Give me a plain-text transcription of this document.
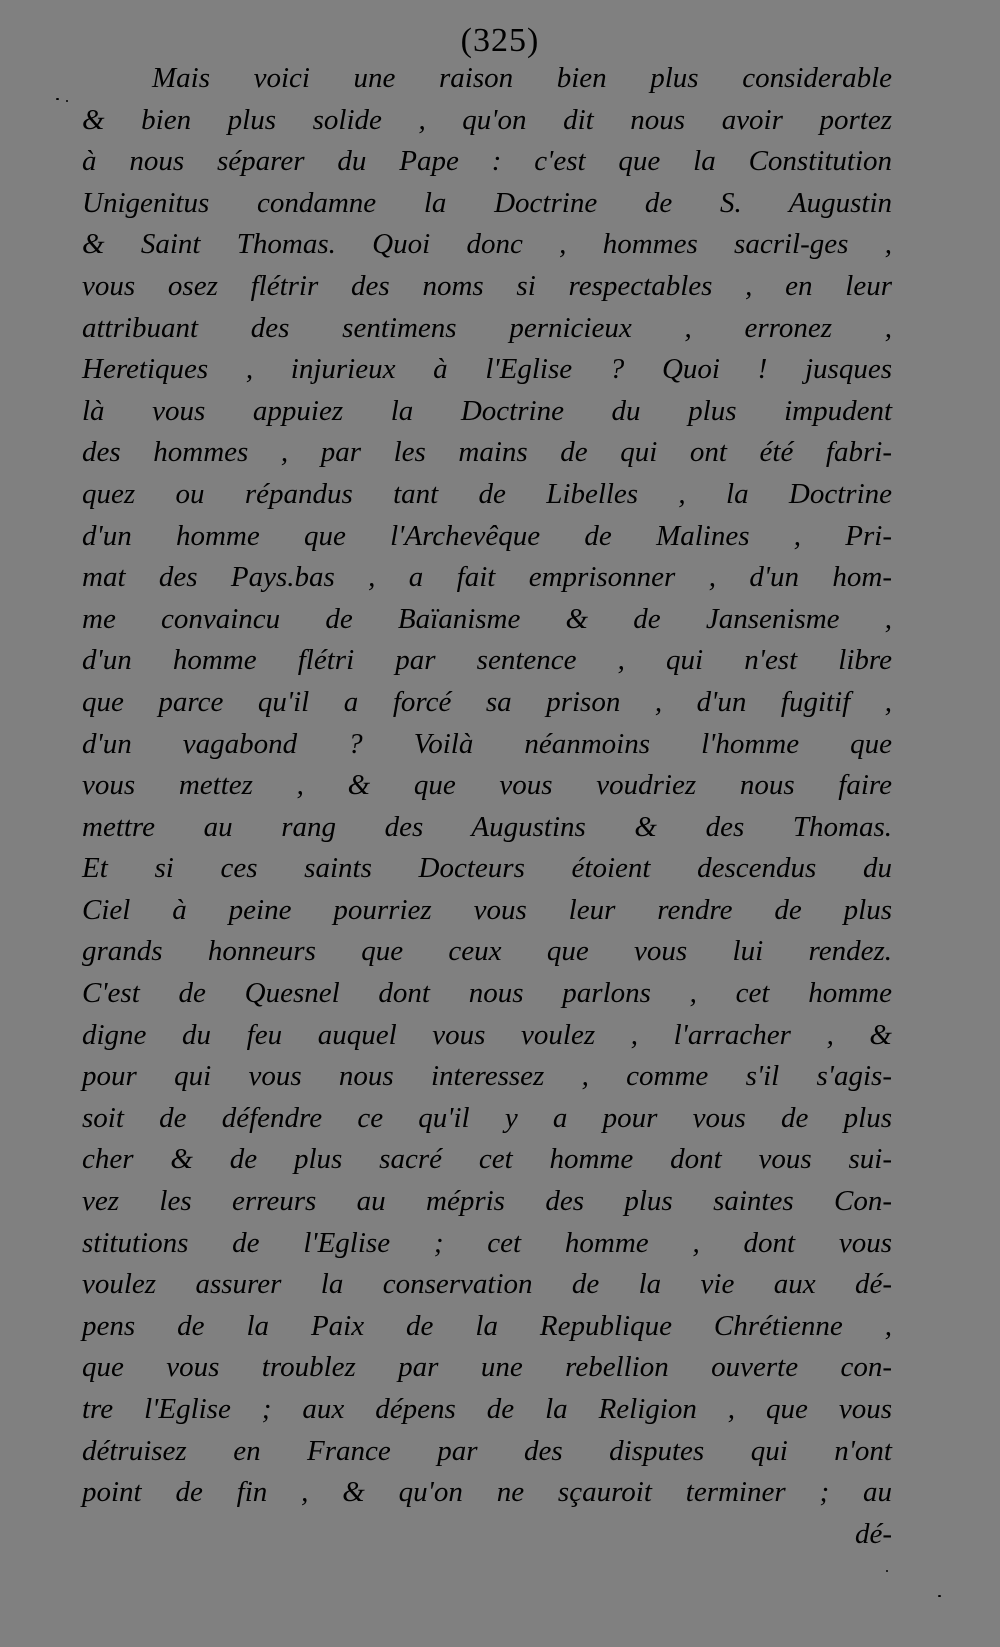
(325)
Mais voici une raison bien plus considerable
& bien plus solide , qu'on dit nous avoir portez
à nous séparer du Pape : c'est que la Constitution
Unigenitus condamne la Doctrine de S. Augustin
& Saint Thomas. Quoi donc , hommes sacril-ges ,
vous osez flétrir des noms si respectables , en leur
attribuant des sentimens pernicieux , erronez ,
Heretiques , injurieux à l'Eglise ? Quoi ! jusques
là vous appuiez la Doctrine du plus impudent
des hommes , par les mains de qui ont été fabri-
quez ou répandus tant de Libelles , la Doctrine
d'un homme que l'Archevêque de Malines , Pri-
mat des Pays.bas , a fait emprisonner , d'un hom-
me convaincu de Baïanisme & de Jansenisme ,
d'un homme flétri par sentence , qui n'est libre
que parce qu'il a forcé sa prison , d'un fugitif ,
d'un vagabond ? Voilà néanmoins l'homme que
vous mettez , & que vous voudriez nous faire
mettre au rang des Augustins & des Thomas.
Et si ces saints Docteurs étoient descendus du
Ciel à peine pourriez vous leur rendre de plus
grands honneurs que ceux que vous lui rendez.
C'est de Quesnel dont nous parlons , cet homme
digne du feu auquel vous voulez , l'arracher , &
pour qui vous nous interessez , comme s'il s'agis-
soit de défendre ce qu'il y a pour vous de plus
cher & de plus sacré cet homme dont vous sui-
vez les erreurs au mépris des plus saintes Con-
stitutions de l'Eglise ; cet homme , dont vous
voulez assurer la conservation de la vie aux dé-
pens de la Paix de la Republique Chrétienne ,
que vous troublez par une rebellion ouverte con-
tre l'Eglise ; aux dépens de la Religion , que vous
détruisez en France par des disputes qui n'ont
point de fin , & qu'on ne sçauroit terminer ; au
dé-
